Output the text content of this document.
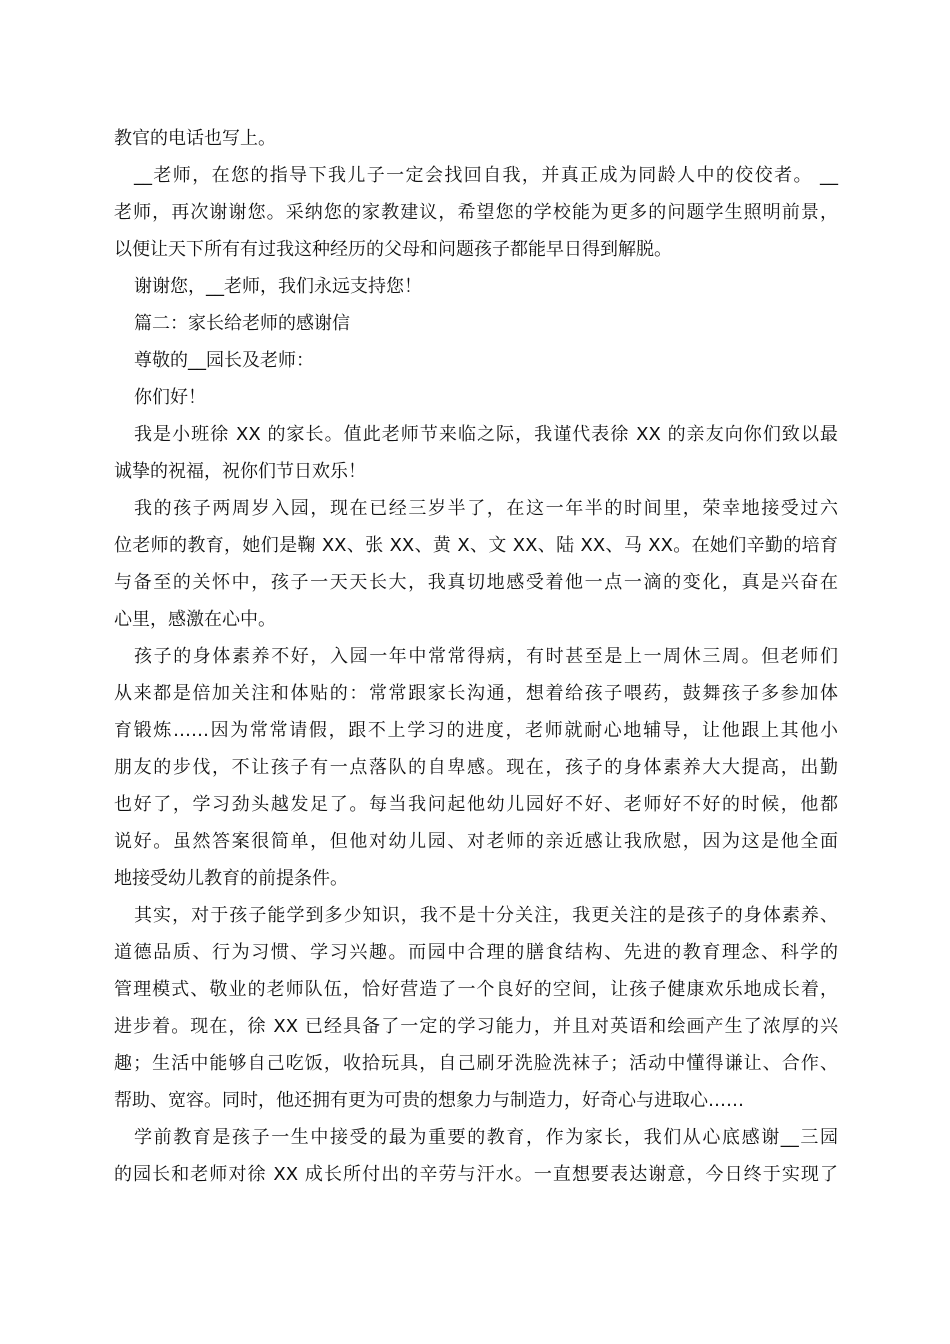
教官的电话也写上。
__老师，在您的指导下我儿子一定会找回自我，并真正成为同龄人中的佼佼者。 __
老师，再次谢谢您。采纳您的家教建议，希望您的学校能为更多的问题学生照明前景，
以便让天下所有有过我这种经历的父母和问题孩子都能早日得到解脱。
谢谢您，__老师，我们永远支持您！
篇二：家长给老师的感谢信
尊敬的__园长及老师：
你们好！
我是小班徐 XX 的家长。值此老师节来临之际，我谨代表徐 XX 的亲友向你们致以最
诚挚的祝福，祝你们节日欢乐！
我的孩子两周岁入园，现在已经三岁半了，在这一年半的时间里，荣幸地接受过六
位老师的教育，她们是鞠 XX、张 XX、黄 X、文 XX、陆 XX、马 XX。在她们辛勤的培育
与备至的关怀中，孩子一天天长大，我真切地感受着他一点一滴的变化，真是兴奋在
心里，感激在心中。
孩子的身体素养不好，入园一年中常常得病，有时甚至是上一周休三周。但老师们
从来都是倍加关注和体贴的：常常跟家长沟通，想着给孩子喂药，鼓舞孩子多参加体
育锻炼……因为常常请假，跟不上学习的进度，老师就耐心地辅导，让他跟上其他小
朋友的步伐，不让孩子有一点落队的自卑感。现在，孩子的身体素养大大提高，出勤
也好了，学习劲头越发足了。每当我问起他幼儿园好不好、老师好不好的时候，他都
说好。虽然答案很简单，但他对幼儿园、对老师的亲近感让我欣慰，因为这是他全面
地接受幼儿教育的前提条件。
其实，对于孩子能学到多少知识，我不是十分关注，我更关注的是孩子的身体素养、
道德品质、行为习惯、学习兴趣。而园中合理的膳食结构、先进的教育理念、科学的
管理模式、敬业的老师队伍，恰好营造了一个良好的空间，让孩子健康欢乐地成长着，
进步着。现在，徐 XX 已经具备了一定的学习能力，并且对英语和绘画产生了浓厚的兴
趣；生活中能够自己吃饭，收拾玩具，自己刷牙洗脸洗袜子；活动中懂得谦让、合作、
帮助、宽容。同时，他还拥有更为可贵的想象力与制造力，好奇心与进取心……
学前教育是孩子一生中接受的最为重要的教育，作为家长，我们从心底感谢__三园
的园长和老师对徐 XX 成长所付出的辛劳与汗水。一直想要表达谢意，今日终于实现了
